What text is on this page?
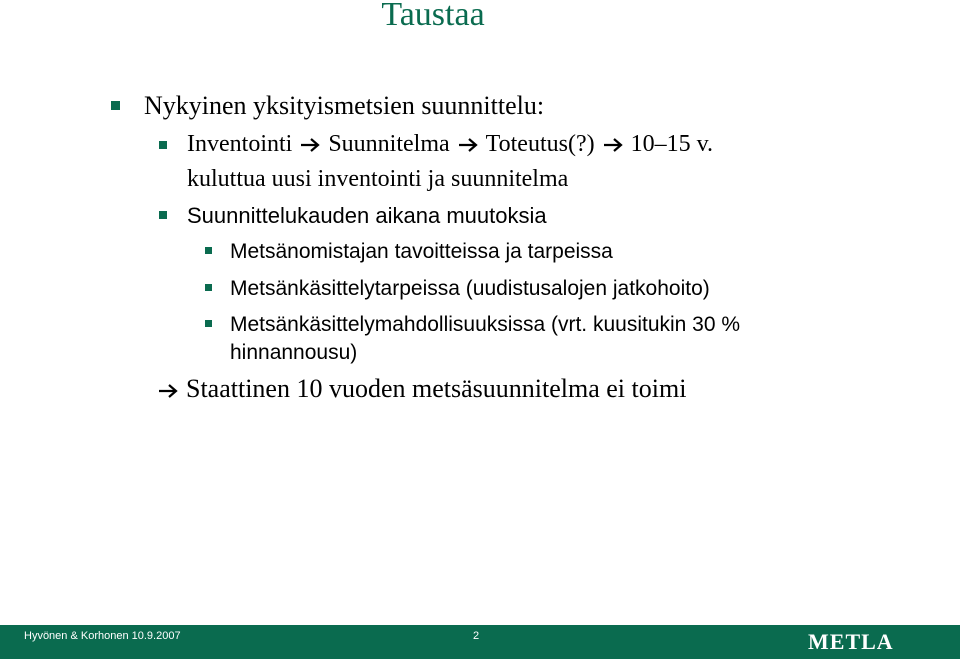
Taustaa
Nykyinen yksityismetsien suunnittelu:
Inventointi Suunnitelma Toteutus(?) 10–15 v.
kuluttua uusi inventointi ja suunnitelma
Suunnittelukauden aikana muutoksia
Metsänomistajan tavoitteissa ja tarpeissa
Metsänkäsittelytarpeissa (uudistusalojen jatkohoito)
Metsänkäsittelymahdollisuuksissa (vrt. kuusitukin 30 %
hinnannousu)
Staattinen 10 vuoden metsäsuunnitelma ei toimi
Hyvönen & Korhonen 10.9.2007	2	METLA
